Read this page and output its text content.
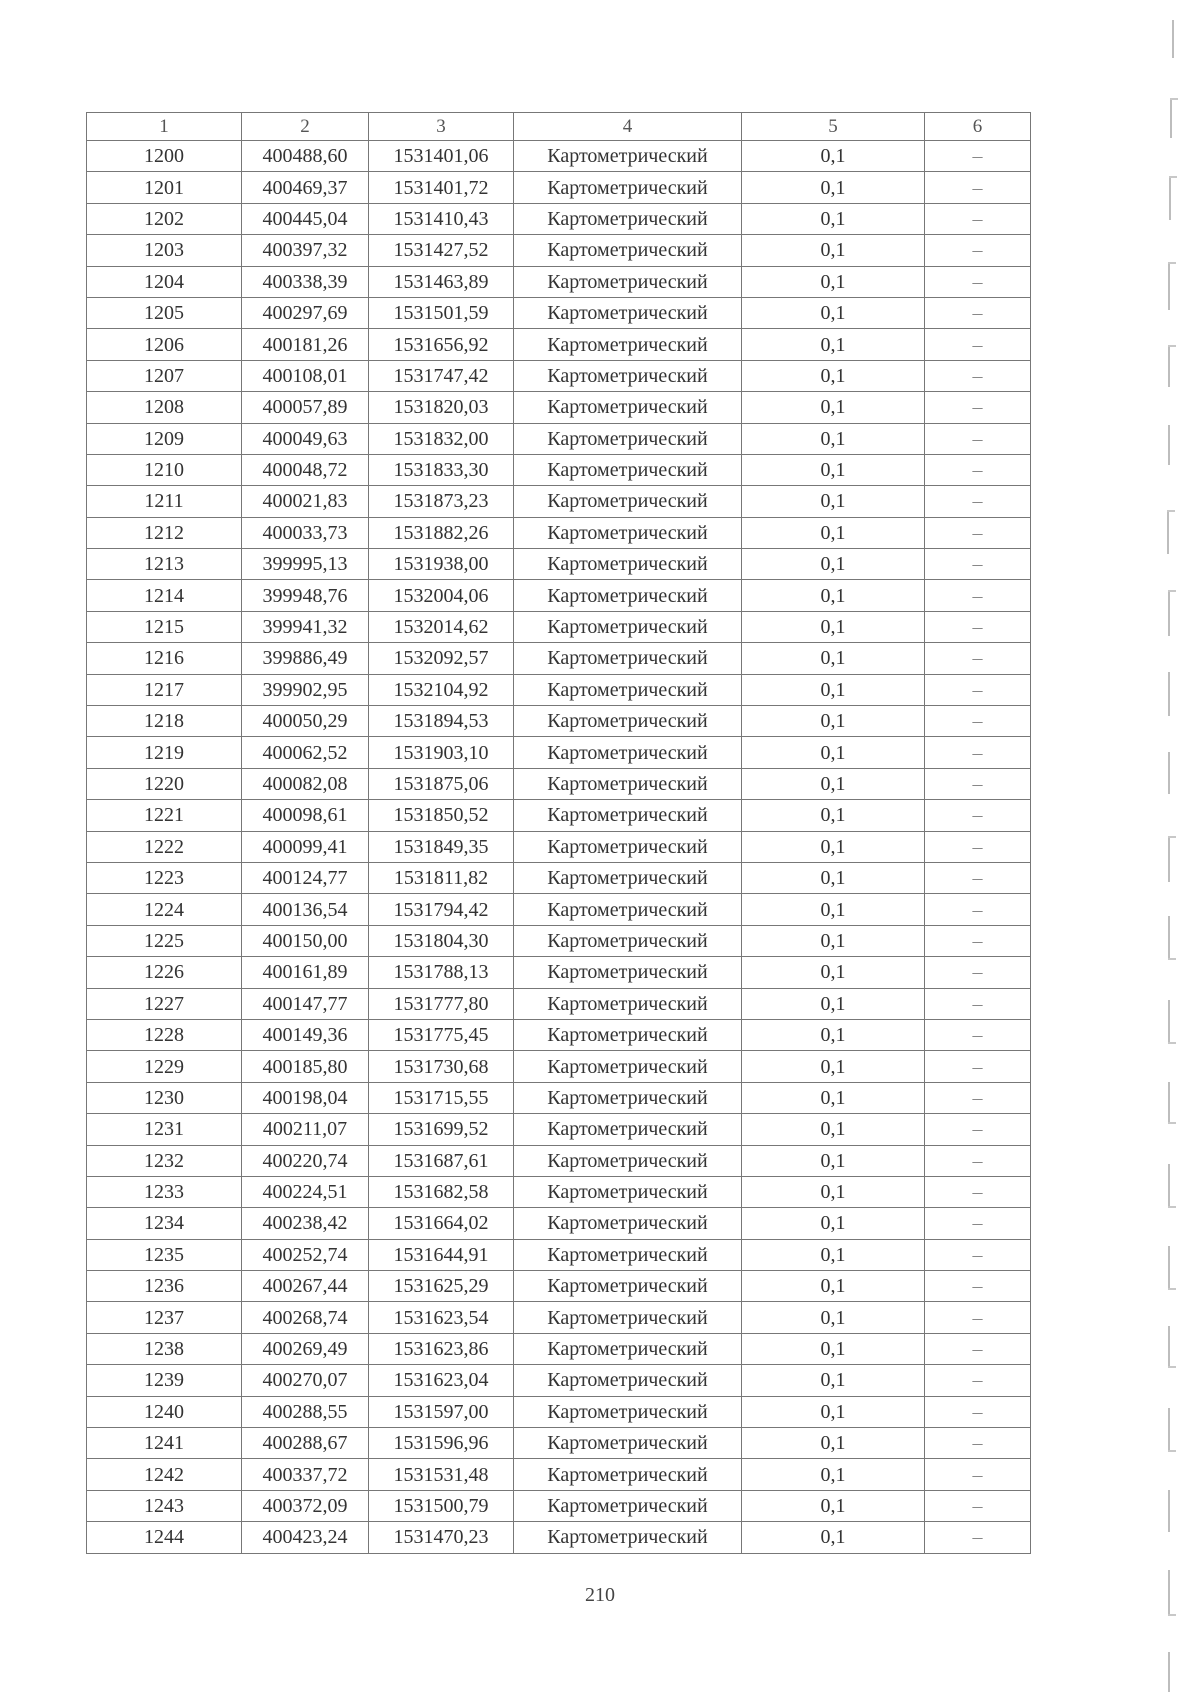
1	2	3	4	5	6
1200	400488,60	1531401,06	Картометрический	0,1	–
1201	400469,37	1531401,72	Картометрический	0,1	–
1202	400445,04	1531410,43	Картометрический	0,1	–
1203	400397,32	1531427,52	Картометрический	0,1	–
1204	400338,39	1531463,89	Картометрический	0,1	–
1205	400297,69	1531501,59	Картометрический	0,1	–
1206	400181,26	1531656,92	Картометрический	0,1	–
1207	400108,01	1531747,42	Картометрический	0,1	–
1208	400057,89	1531820,03	Картометрический	0,1	–
1209	400049,63	1531832,00	Картометрический	0,1	–
1210	400048,72	1531833,30	Картометрический	0,1	–
1211	400021,83	1531873,23	Картометрический	0,1	–
1212	400033,73	1531882,26	Картометрический	0,1	–
1213	399995,13	1531938,00	Картометрический	0,1	–
1214	399948,76	1532004,06	Картометрический	0,1	–
1215	399941,32	1532014,62	Картометрический	0,1	–
1216	399886,49	1532092,57	Картометрический	0,1	–
1217	399902,95	1532104,92	Картометрический	0,1	–
1218	400050,29	1531894,53	Картометрический	0,1	–
1219	400062,52	1531903,10	Картометрический	0,1	–
1220	400082,08	1531875,06	Картометрический	0,1	–
1221	400098,61	1531850,52	Картометрический	0,1	–
1222	400099,41	1531849,35	Картометрический	0,1	–
1223	400124,77	1531811,82	Картометрический	0,1	–
1224	400136,54	1531794,42	Картометрический	0,1	–
1225	400150,00	1531804,30	Картометрический	0,1	–
1226	400161,89	1531788,13	Картометрический	0,1	–
1227	400147,77	1531777,80	Картометрический	0,1	–
1228	400149,36	1531775,45	Картометрический	0,1	–
1229	400185,80	1531730,68	Картометрический	0,1	–
1230	400198,04	1531715,55	Картометрический	0,1	–
1231	400211,07	1531699,52	Картометрический	0,1	–
1232	400220,74	1531687,61	Картометрический	0,1	–
1233	400224,51	1531682,58	Картометрический	0,1	–
1234	400238,42	1531664,02	Картометрический	0,1	–
1235	400252,74	1531644,91	Картометрический	0,1	–
1236	400267,44	1531625,29	Картометрический	0,1	–
1237	400268,74	1531623,54	Картометрический	0,1	–
1238	400269,49	1531623,86	Картометрический	0,1	–
1239	400270,07	1531623,04	Картометрический	0,1	–
1240	400288,55	1531597,00	Картометрический	0,1	–
1241	400288,67	1531596,96	Картометрический	0,1	–
1242	400337,72	1531531,48	Картометрический	0,1	–
1243	400372,09	1531500,79	Картометрический	0,1	–
1244	400423,24	1531470,23	Картометрический	0,1	–
210
